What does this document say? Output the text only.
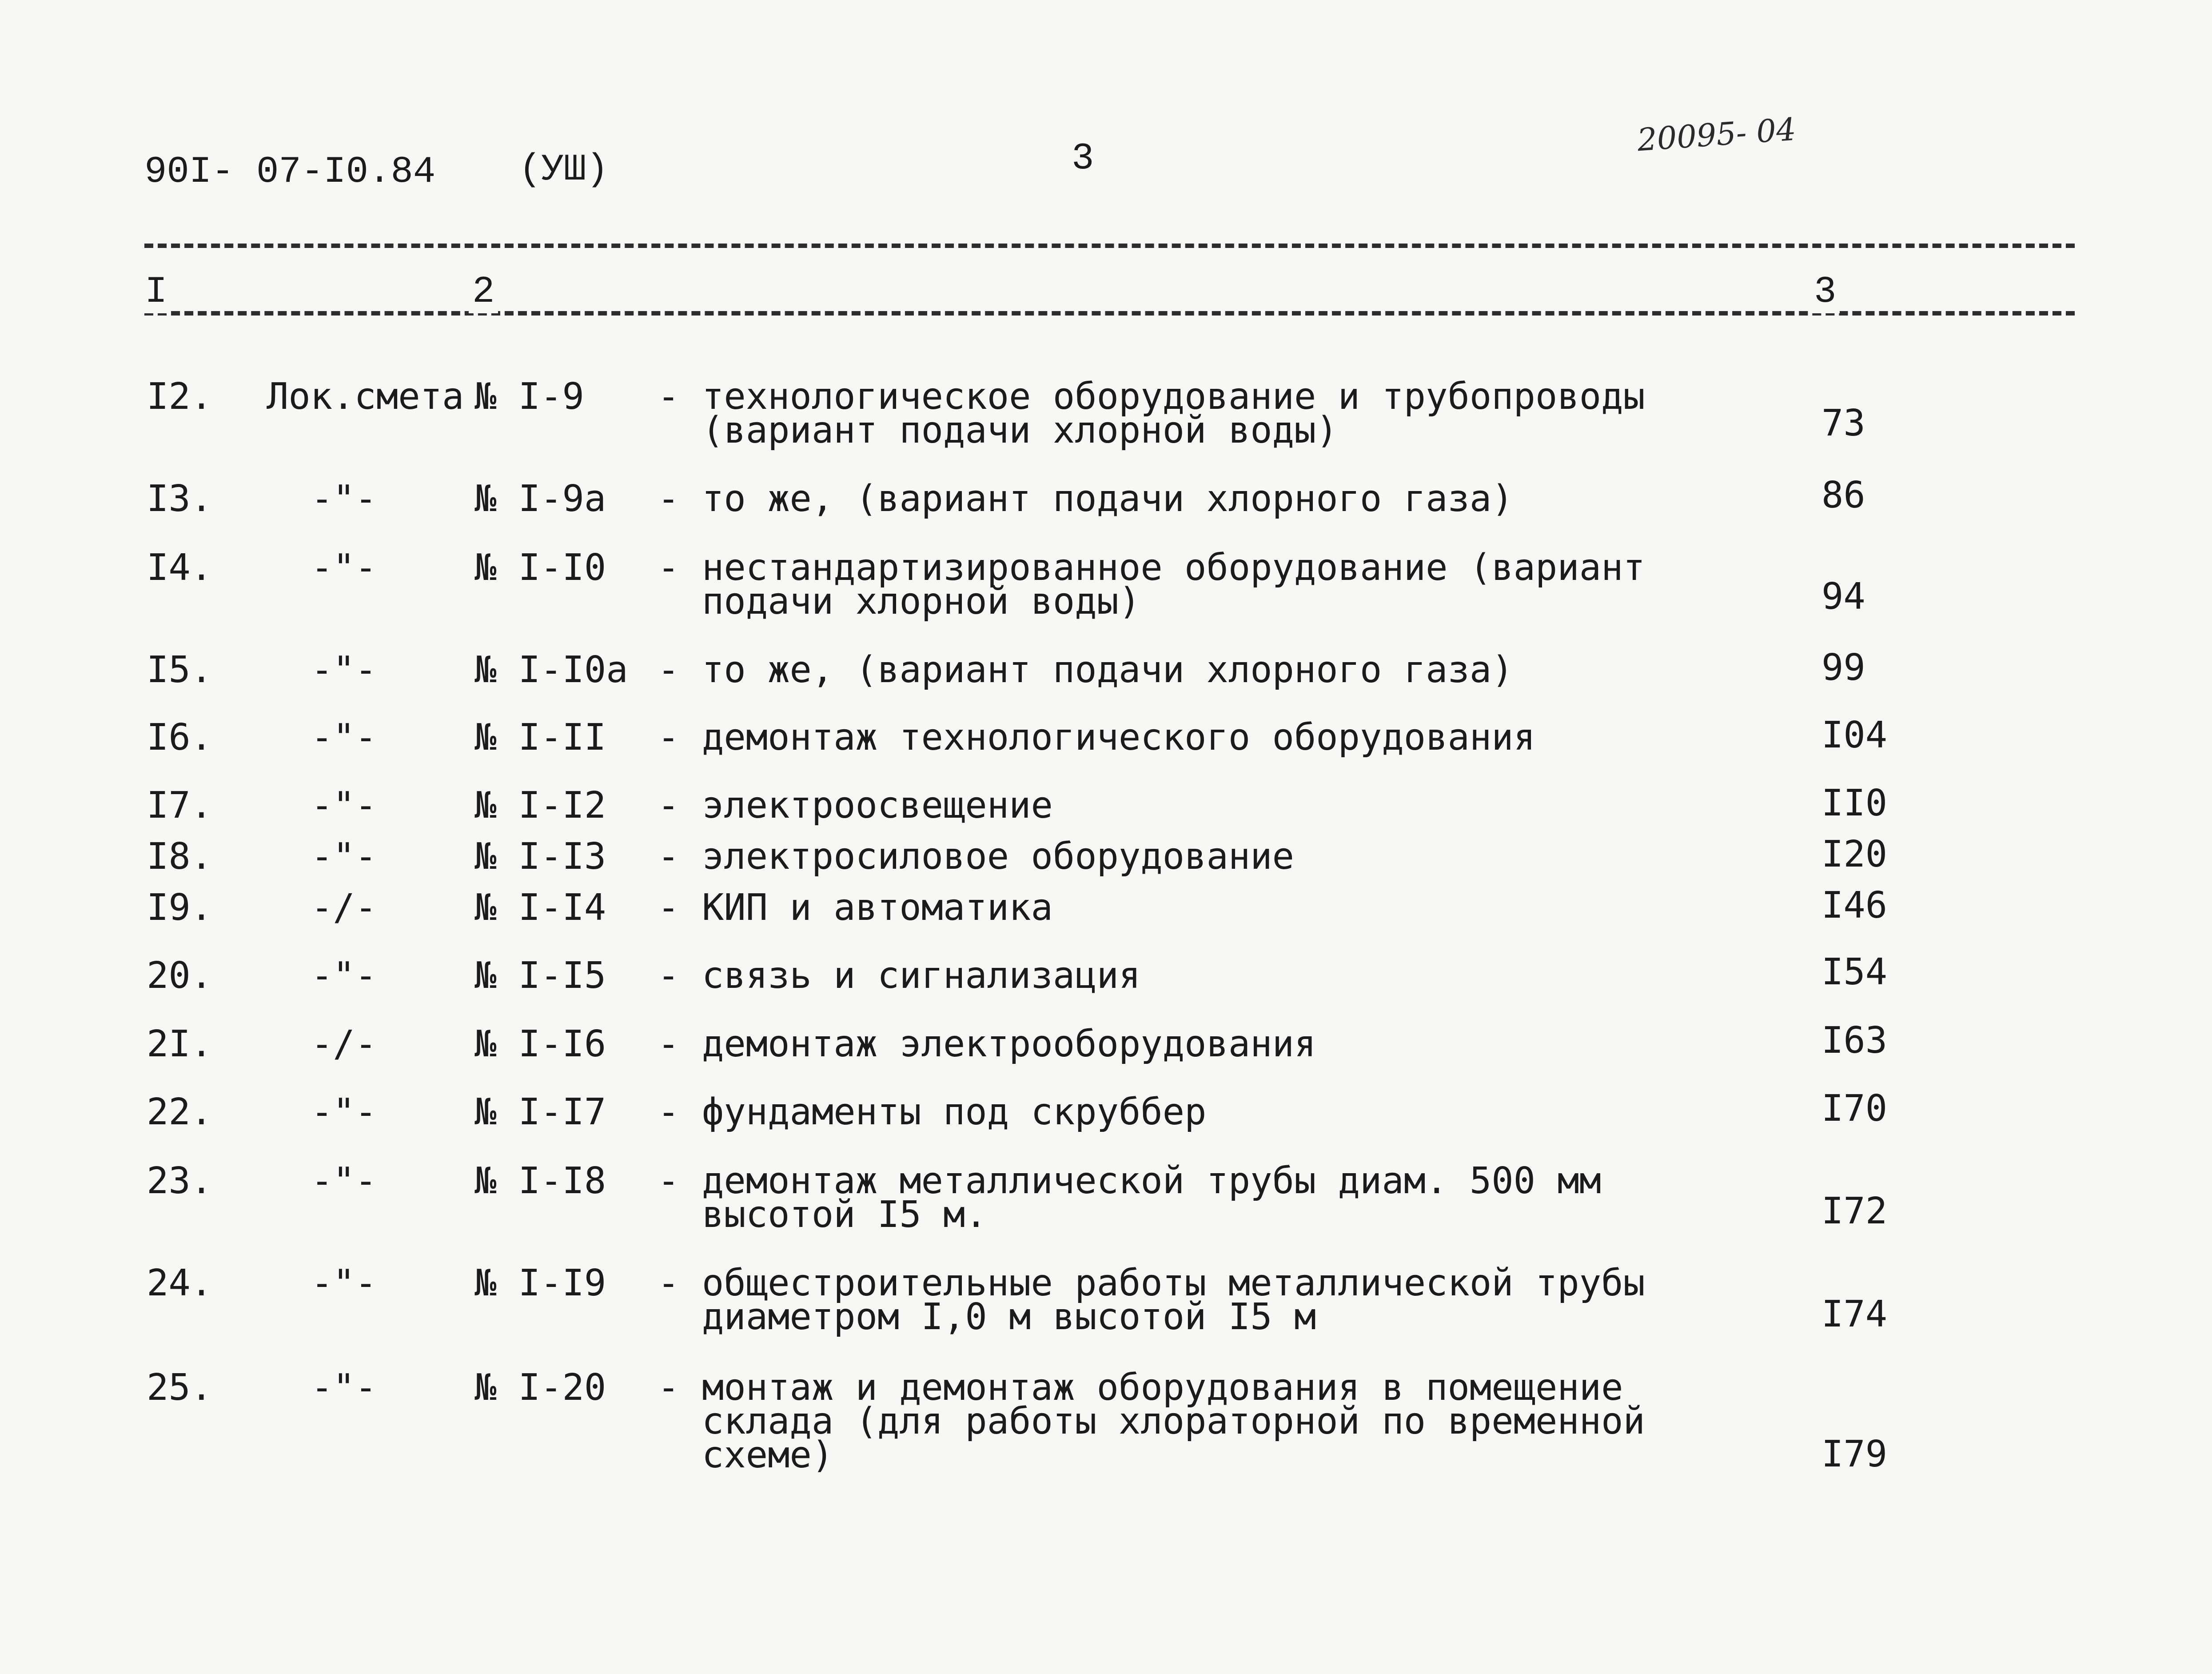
90I- 07-I0.84 (УШ)	3
20095- 04
I	2	3
I2. Лок.смета № I-9 - технологическое оборудование и трубопроводы
(вариант подачи хлорной воды)	73
I3.	-"-	№ I-9а - то же, (вариант подачи хлорного газа)	86
I4.	-"-	№ I-I0 - нестандартизированное оборудование (вариант
подачи хлорной воды)	94
I5.	-"-	№ I-I0а - то же, (вариант подачи хлорного газа)	99
I6.	-"-	№ I-II - демонтаж технологического оборудования	I04
I7.	-"-	№ I-I2 - электроосвещение	II0
I8.	-"-	№ I-I3 - электросиловое оборудование	I20
I9.	-/-	№ I-I4 - КИП и автоматика	I46
20.	-"-	№ I-I5 - связь и сигнализация	I54
2I.	-/-	№ I-I6 - демонтаж электрооборудования	I63
22.	-"-	№ I-I7 - фундаменты под скруббер	I70
23.	-"-	№ I-I8 - демонтаж металлической трубы диам. 500 мм
высотой I5 м.	I72
24.	-"-	№ I-I9 - общестроительные работы металлической трубы
диаметром I,0 м высотой I5 м	I74
25.	-"-	№ I-20 - монтаж и демонтаж оборудования в помещение
склада (для работы хлораторной по временной
схеме)	I79
